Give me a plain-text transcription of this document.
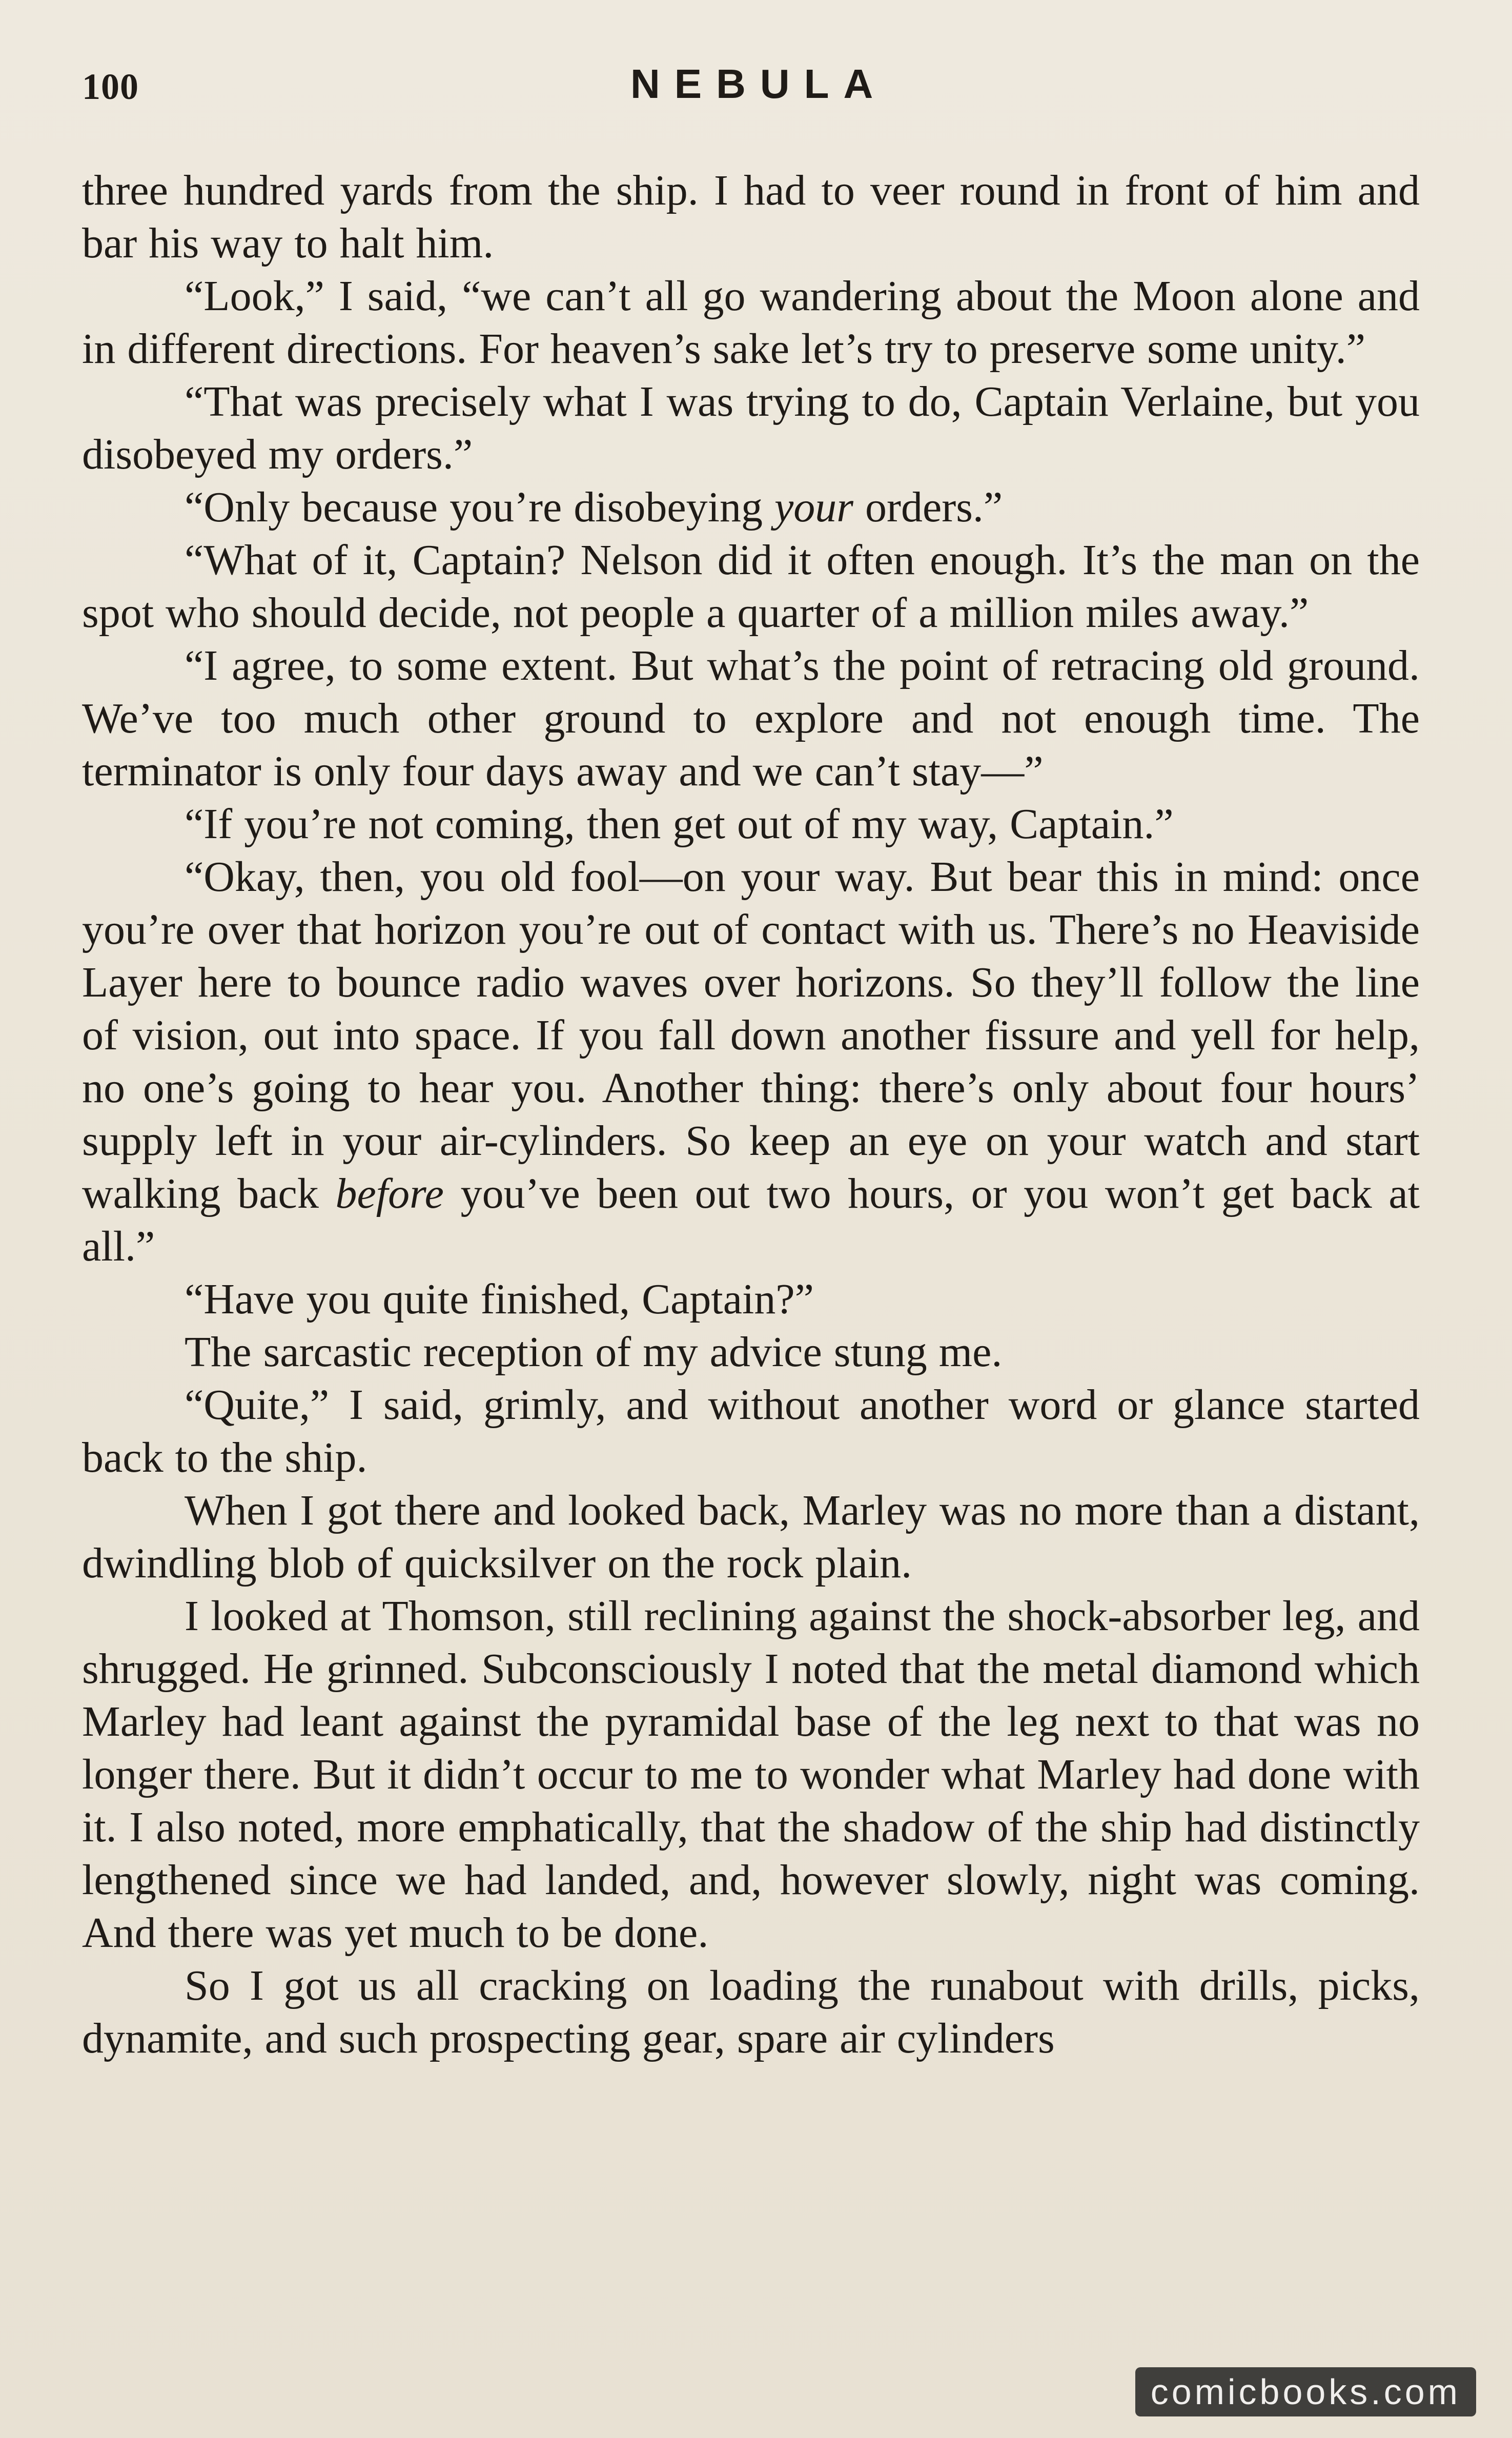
100	NEBULA

three hundred yards from the ship. I had to veer round in front of him and bar his way to halt him.

“Look,” I said, “we can’t all go wandering about the Moon alone and in different directions. For heaven’s sake let’s try to preserve some unity.”

“That was precisely what I was trying to do, Captain Verlaine, but you disobeyed my orders.”

“Only because you’re disobeying your orders.”

“What of it, Captain? Nelson did it often enough. It’s the man on the spot who should decide, not people a quarter of a million miles away.”

“I agree, to some extent. But what’s the point of retracing old ground. We’ve too much other ground to explore and not enough time. The terminator is only four days away and we can’t stay—”

“If you’re not coming, then get out of my way, Captain.”

“Okay, then, you old fool—on your way. But bear this in mind: once you’re over that horizon you’re out of contact with us. There’s no Heaviside Layer here to bounce radio waves over horizons. So they’ll follow the line of vision, out into space. If you fall down another fissure and yell for help, no one’s going to hear you. Another thing: there’s only about four hours’ supply left in your air-cylinders. So keep an eye on your watch and start walking back before you’ve been out two hours, or you won’t get back at all.”

“Have you quite finished, Captain?”

The sarcastic reception of my advice stung me.

“Quite,” I said, grimly, and without another word or glance started back to the ship.

When I got there and looked back, Marley was no more than a distant, dwindling blob of quicksilver on the rock plain.

I looked at Thomson, still reclining against the shock-absorber leg, and shrugged. He grinned. Subconsciously I noted that the metal diamond which Marley had leant against the pyramidal base of the leg next to that was no longer there. But it didn’t occur to me to wonder what Marley had done with it. I also noted, more emphatically, that the shadow of the ship had distinctly lengthened since we had landed, and, however slowly, night was coming. And there was yet much to be done.

So I got us all cracking on loading the runabout with drills, picks, dynamite, and such prospecting gear, spare air cylinders

comicbooks.com
